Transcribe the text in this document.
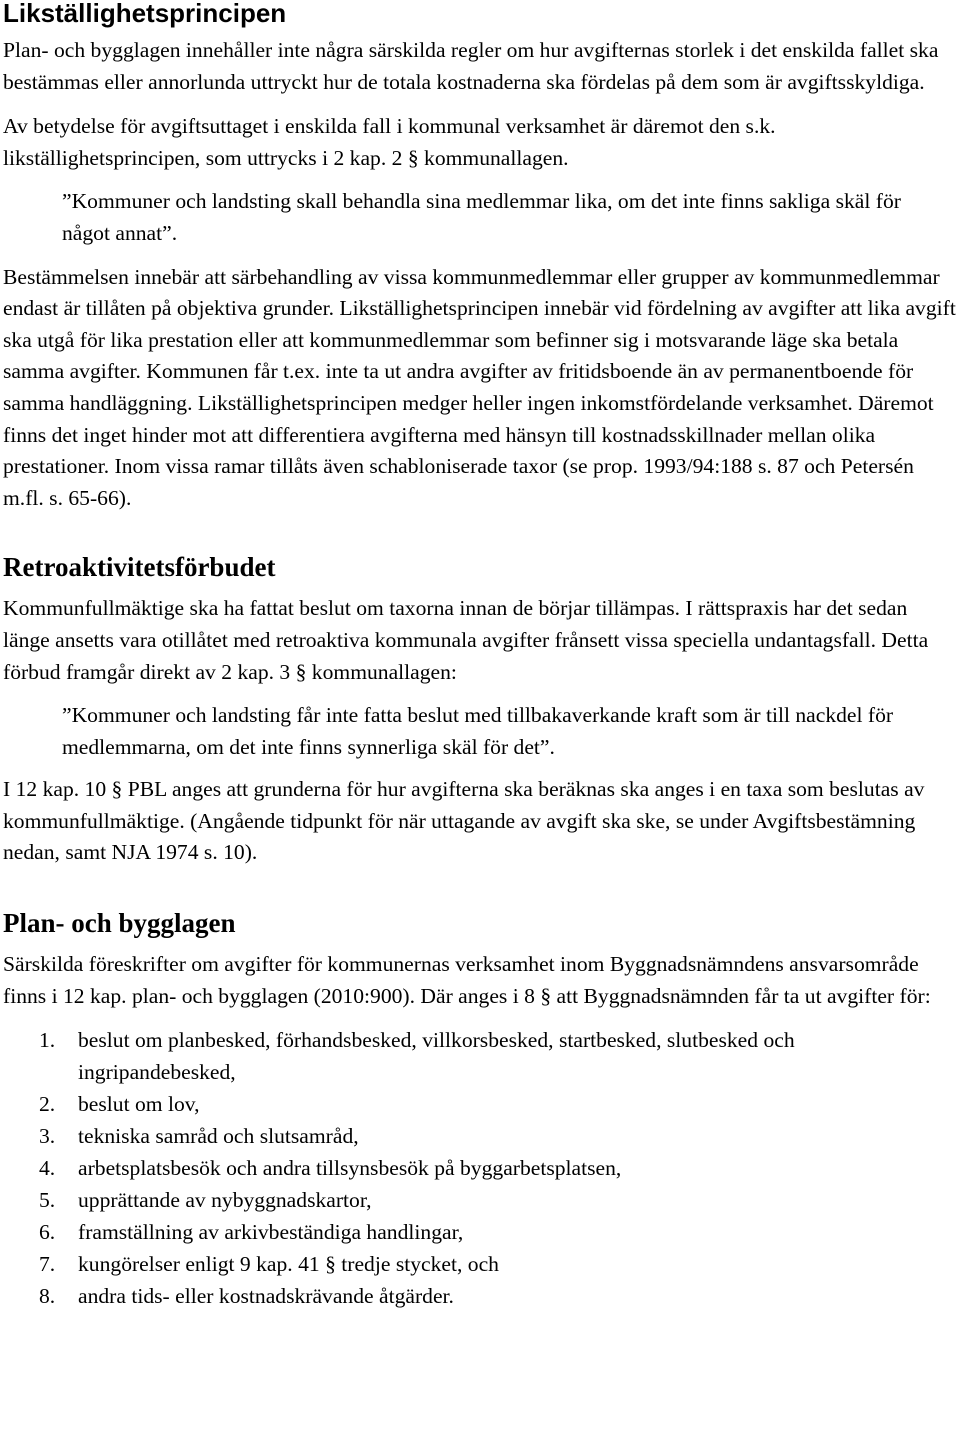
Likställighetsprincipen

Plan- och bygglagen innehåller inte några särskilda regler om hur avgifternas storlek i det enskilda fallet ska bestämmas eller annorlunda uttryckt hur de totala kostnaderna ska fördelas på dem som är avgiftsskyldiga.

Av betydelse för avgiftsuttaget i enskilda fall i kommunal verksamhet är däremot den s.k. likställighetsprincipen, som uttrycks i 2 kap. 2 § kommunallagen.

”Kommuner och landsting skall behandla sina medlemmar lika, om det inte finns sakliga skäl för något annat”.

Bestämmelsen innebär att särbehandling av vissa kommunmedlemmar eller grupper av kommunmedlemmar endast är tillåten på objektiva grunder. Likställighetsprincipen innebär vid fördelning av avgifter att lika avgift ska utgå för lika prestation eller att kommunmedlemmar som befinner sig i motsvarande läge ska betala samma avgifter. Kommunen får t.ex. inte ta ut andra avgifter av fritidsboende än av permanentboende för samma handläggning. Likställighetsprincipen medger heller ingen inkomstfördelande verksamhet. Däremot finns det inget hinder mot att differentiera avgifterna med hänsyn till kostnadsskillnader mellan olika prestationer. Inom vissa ramar tillåts även schabloniserade taxor (se prop. 1993/94:188 s. 87 och Petersén m.fl. s. 65-66).

Retroaktivitetsförbudet

Kommunfullmäktige ska ha fattat beslut om taxorna innan de börjar tillämpas. I rättspraxis har det sedan länge ansetts vara otillåtet med retroaktiva kommunala avgifter frånsett vissa speciella undantagsfall. Detta förbud framgår direkt av 2 kap. 3 § kommunallagen:

”Kommuner och landsting får inte fatta beslut med tillbakaverkande kraft som är till nackdel för medlemmarna, om det inte finns synnerliga skäl för det”.

I 12 kap. 10 § PBL anges att grunderna för hur avgifterna ska beräknas ska anges i en taxa som beslutas av kommunfullmäktige. (Angående tidpunkt för när uttagande av avgift ska ske, se under Avgiftsbestämning nedan, samt NJA 1974 s. 10).

Plan- och bygglagen

Särskilda föreskrifter om avgifter för kommunernas verksamhet inom Byggnadsnämndens ansvarsområde finns i 12 kap. plan- och bygglagen (2010:900). Där anges i 8 § att Byggnadsnämnden får ta ut avgifter för:

1. beslut om planbesked, förhandsbesked, villkorsbesked, startbesked, slutbesked och ingripandebesked,
2. beslut om lov,
3. tekniska samråd och slutsamråd,
4. arbetsplatsbesök och andra tillsynsbesök på byggarbetsplatsen,
5. upprättande av nybyggnadskartor,
6. framställning av arkivbeständiga handlingar,
7. kungörelser enligt 9 kap. 41 § tredje stycket, och
8. andra tids- eller kostnadskrävande åtgärder.
